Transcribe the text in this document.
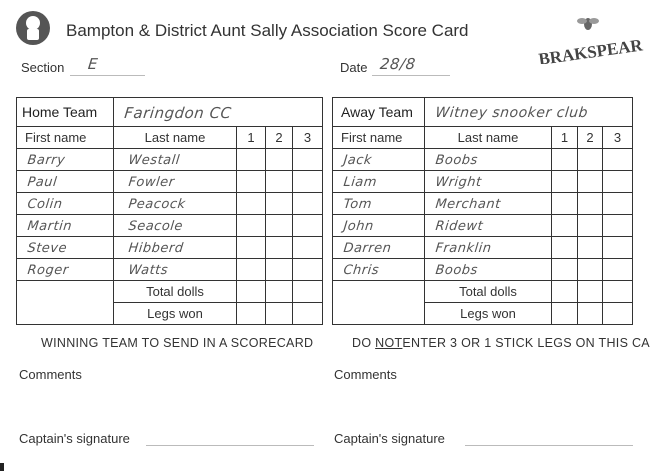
Bampton & District Aunt Sally Association Score Card
BRAKSPEAR
Section E	Date 28/8
Home Team	Faringdon CC			
First name	Last name	1	2	3
Barry	Westall			
Paul	Fowler			
Colin	Peacock			
Martin	Seacole			
Steve	Hibberd			
Roger	Watts			
	Total dolls			
	Legs won			
Away Team	Witney snooker club			
First name	Last name	1	2	3
Jack	Boobs			
Liam	Wright			
Tom	Merchant			
John	Ridewt			
Darren	Franklin			
Chris	Boobs			
	Total dolls			
	Legs won			
WINNING TEAM TO SEND IN A SCORECARD	DO NOTENTER 3 OR 1 STICK LEGS ON THIS CA
Comments	Comments
Captain's signature	Captain's signature
